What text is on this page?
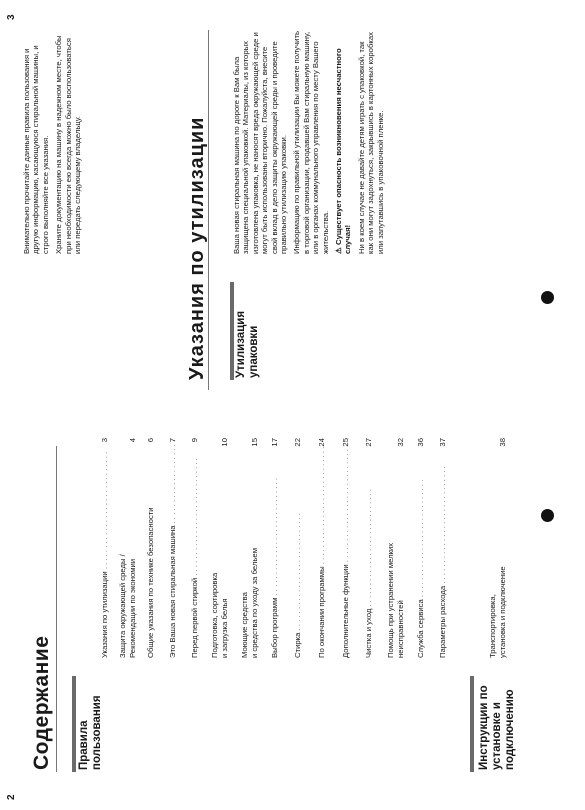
2
3
Содержание Правила пользования
Указания по утилизации . . .
3
Защита окружающей среды /
Рекомендации по экономии
4
Общие указания по технике безопасности
6
Это Ваша новая стиральная машина . . .
7
Перед первой стиркой . . .
9
Подготовка, сортировка
и загрузка белья
10
Моющие средства
и средства по уходу за бельем
15
Выбор программ . . .
17
Стирка . . .
22
По окончании программы . . .
24
Дополнительные функции . . .
25
Чистка и уход . . .
27
Помощь при устранении мелких
неисправностей
32
Служба сервиса . . .
36
Параметры расхода . . .
37
Инструкции по установке и подключению
Транспортировка,
установка и подключение
38

Внимательно прочитайте данные правила пользования и другую информацию, касающуюся стиральной машины, и строго выполняйте все указания. Храните документацию на машину в надежном месте, чтобы при необходимости ею всегда можно было воспользоваться или передать следующему владельцу.	Указания по утилизации Утилизация упаковки

Ваша новая стиральная машина по дороге к Вам была защищена специальной упаковкой. Материалы, из которых изготовлена упаковка, не наносят вреда окружающей среде и могут быть использованы вторично. Пожалуйста, внесите свой вклад в дело защиты окружающей среды и проведите правильно утилизацию упаковки. Информацию по правильной утилизации Вы можете получить в торговой организации, продавшей Вам стиральную машину, или в органах коммунального управления по месту Вашего жительства. ⚠ Существует опасность возникновения несчастного случая! Ни в коем случае не давайте детям играть с упаковкой, так как они могут задохнуться, закрывшись в картонных коробках или запутавшись в упаковочной пленке.
